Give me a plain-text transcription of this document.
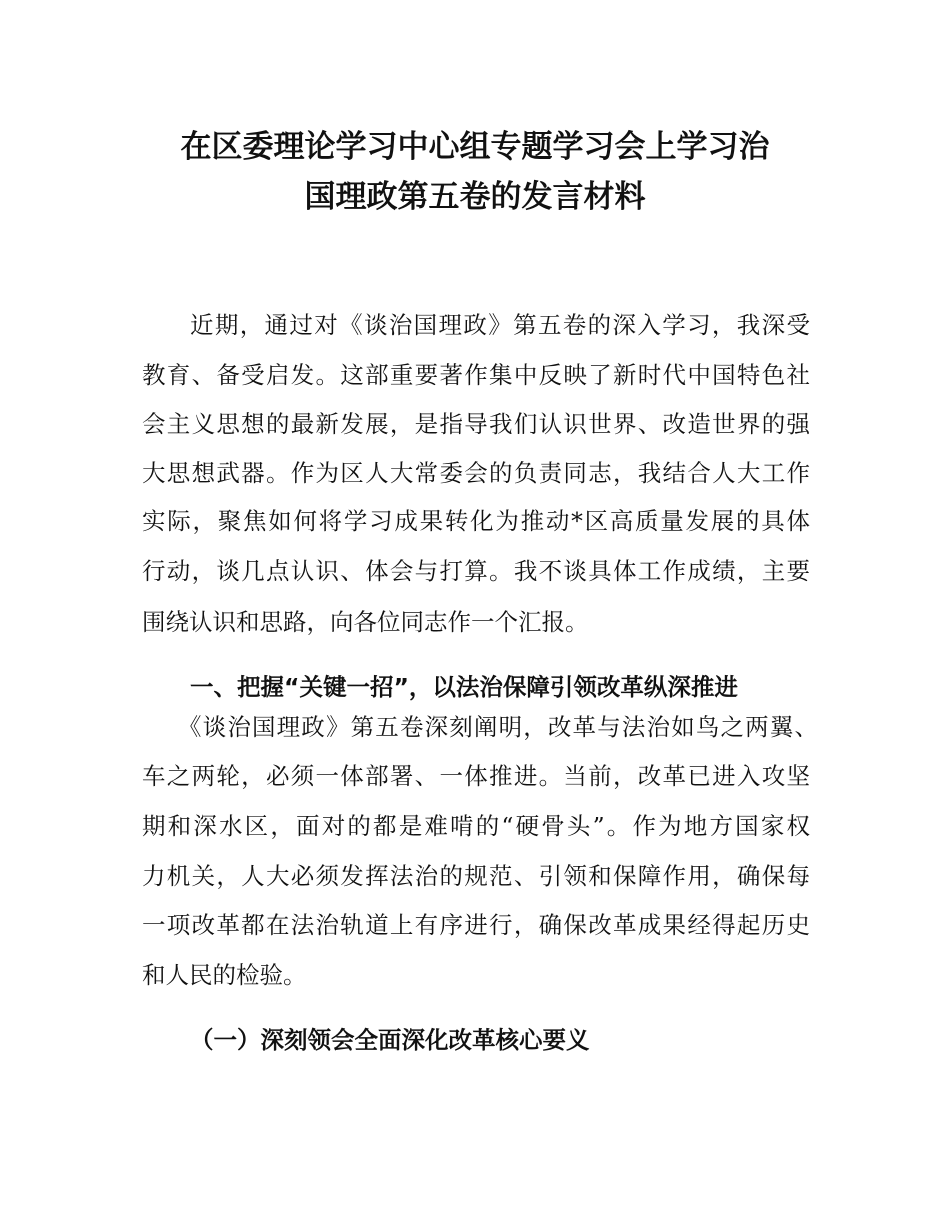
在区委理论学习中心组专题学习会上学习治
国理政第五卷的发言材料
近期，通过对《谈治国理政》第五卷的深入学习，我深受
教育、备受启发。这部重要著作集中反映了新时代中国特色社
会主义思想的最新发展，是指导我们认识世界、改造世界的强
大思想武器。作为区人大常委会的负责同志，我结合人大工作
实际，聚焦如何将学习成果转化为推动*区高质量发展的具体
行动，谈几点认识、体会与打算。我不谈具体工作成绩，主要
围绕认识和思路，向各位同志作一个汇报。
一、把握“关键一招”，以法治保障引领改革纵深推进
《谈治国理政》第五卷深刻阐明，改革与法治如鸟之两翼、
车之两轮，必须一体部署、一体推进。当前，改革已进入攻坚
期和深水区，面对的都是难啃的“硬骨头”。作为地方国家权
力机关，人大必须发挥法治的规范、引领和保障作用，确保每
一项改革都在法治轨道上有序进行，确保改革成果经得起历史
和人民的检验。
（一）深刻领会全面深化改革核心要义
